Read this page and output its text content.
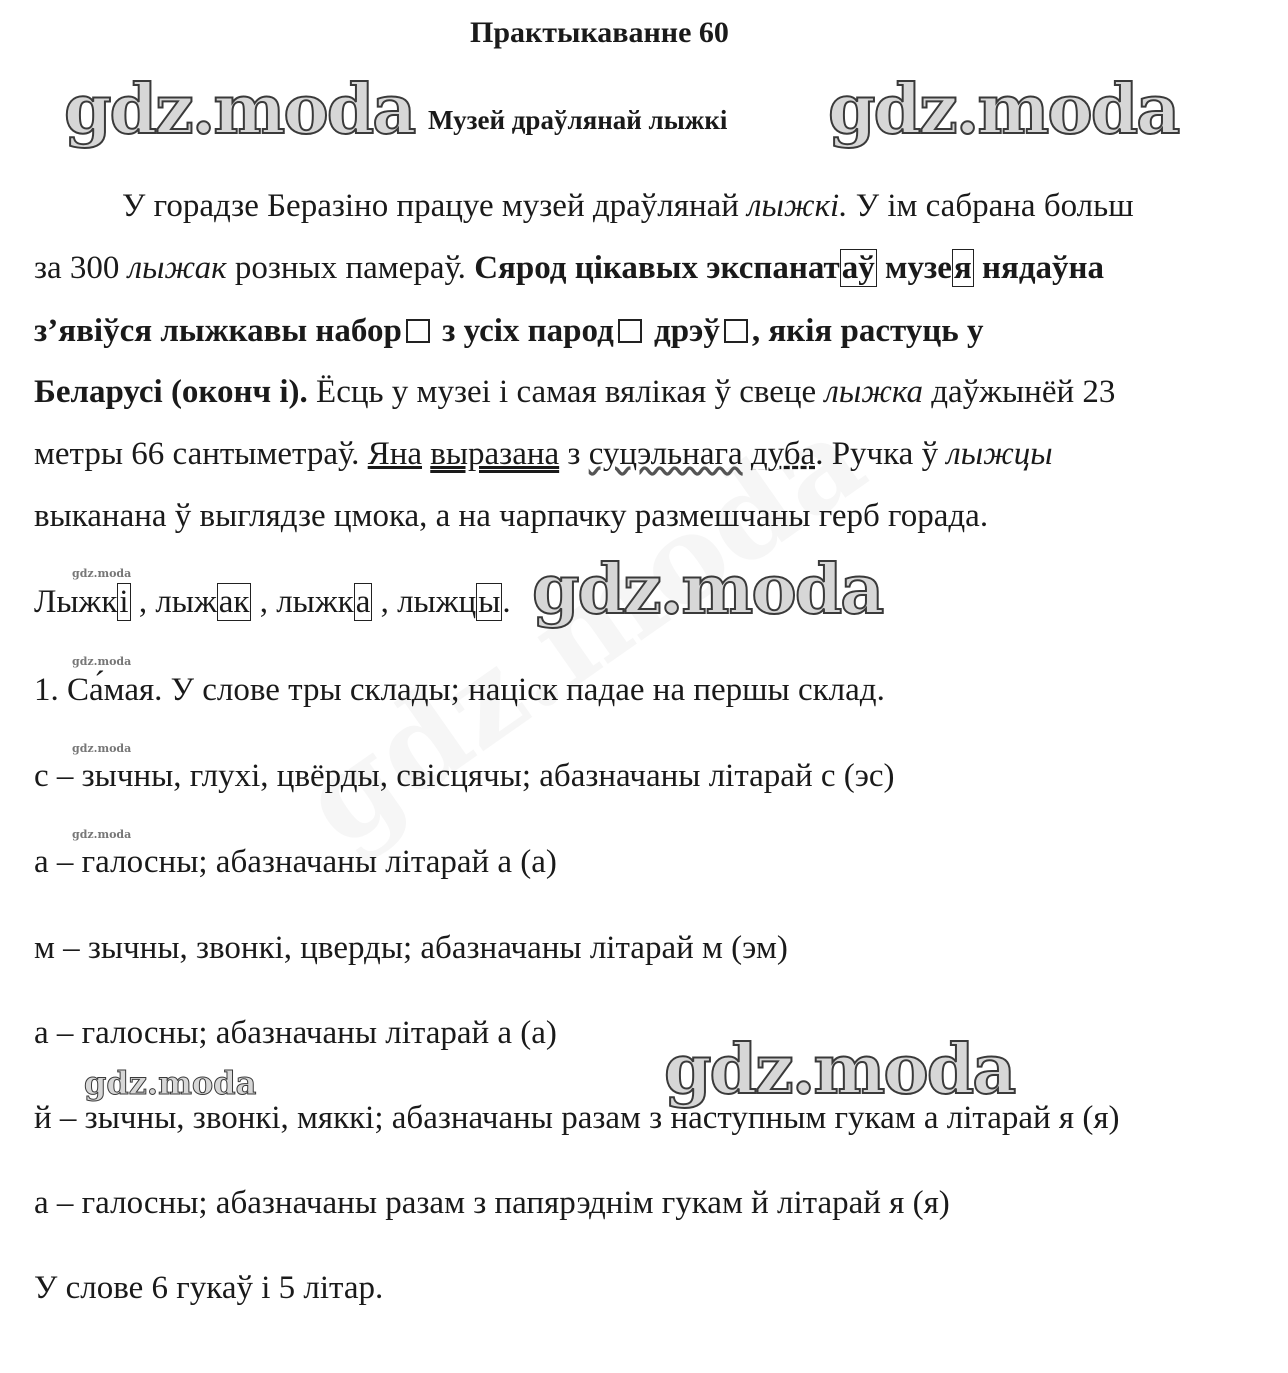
Практыкаванне 60
gdz.moda Музей драўлянай лыжкі gdz.moda
У горадзе Беразіно працуе музей драўлянай лыжкі. У ім сабрана больш
за 300 лыжак розных памераў. Сярод цікавых экспанатаў музея нядаўна
з’явіўся лыжкавы набор з усіх парод дрэў , якія растуць у
Беларусі (оконч і). Ёсць у музеі і самая вялікая ў свеце лыжка даўжынёй 23
метры 66 сантыметраў. Яна выразана з суцэльнага дуба. Ручка ў лыжцы
выканана ў выглядзе цмока, а на чарпачку размешчаны герб горада.
gdz.moda
Лыжкі , лыжак , лыжка , лыжцы. gdz.moda
gdz.moda
1. Са́мая. У слове тры склады; націск падае на першы склад.
gdz.moda
с – зычны, глухі, цвёрды, свісцячы; абазначаны літарай с (эс)
gdz.moda
а – галосны; абазначаны літарай а (а)
м – зычны, звонкі, цверды; абазначаны літарай м (эм)
а – галосны; абазначаны літарай а (а) gdz.moda
gdz.moda
й – зычны, звонкі, мяккі; абазначаны разам з наступным гукам а літарай я (я)
а – галосны; абазначаны разам з папярэднім гукам й літарай я (я)
У слове 6 гукаў і 5 літар.
